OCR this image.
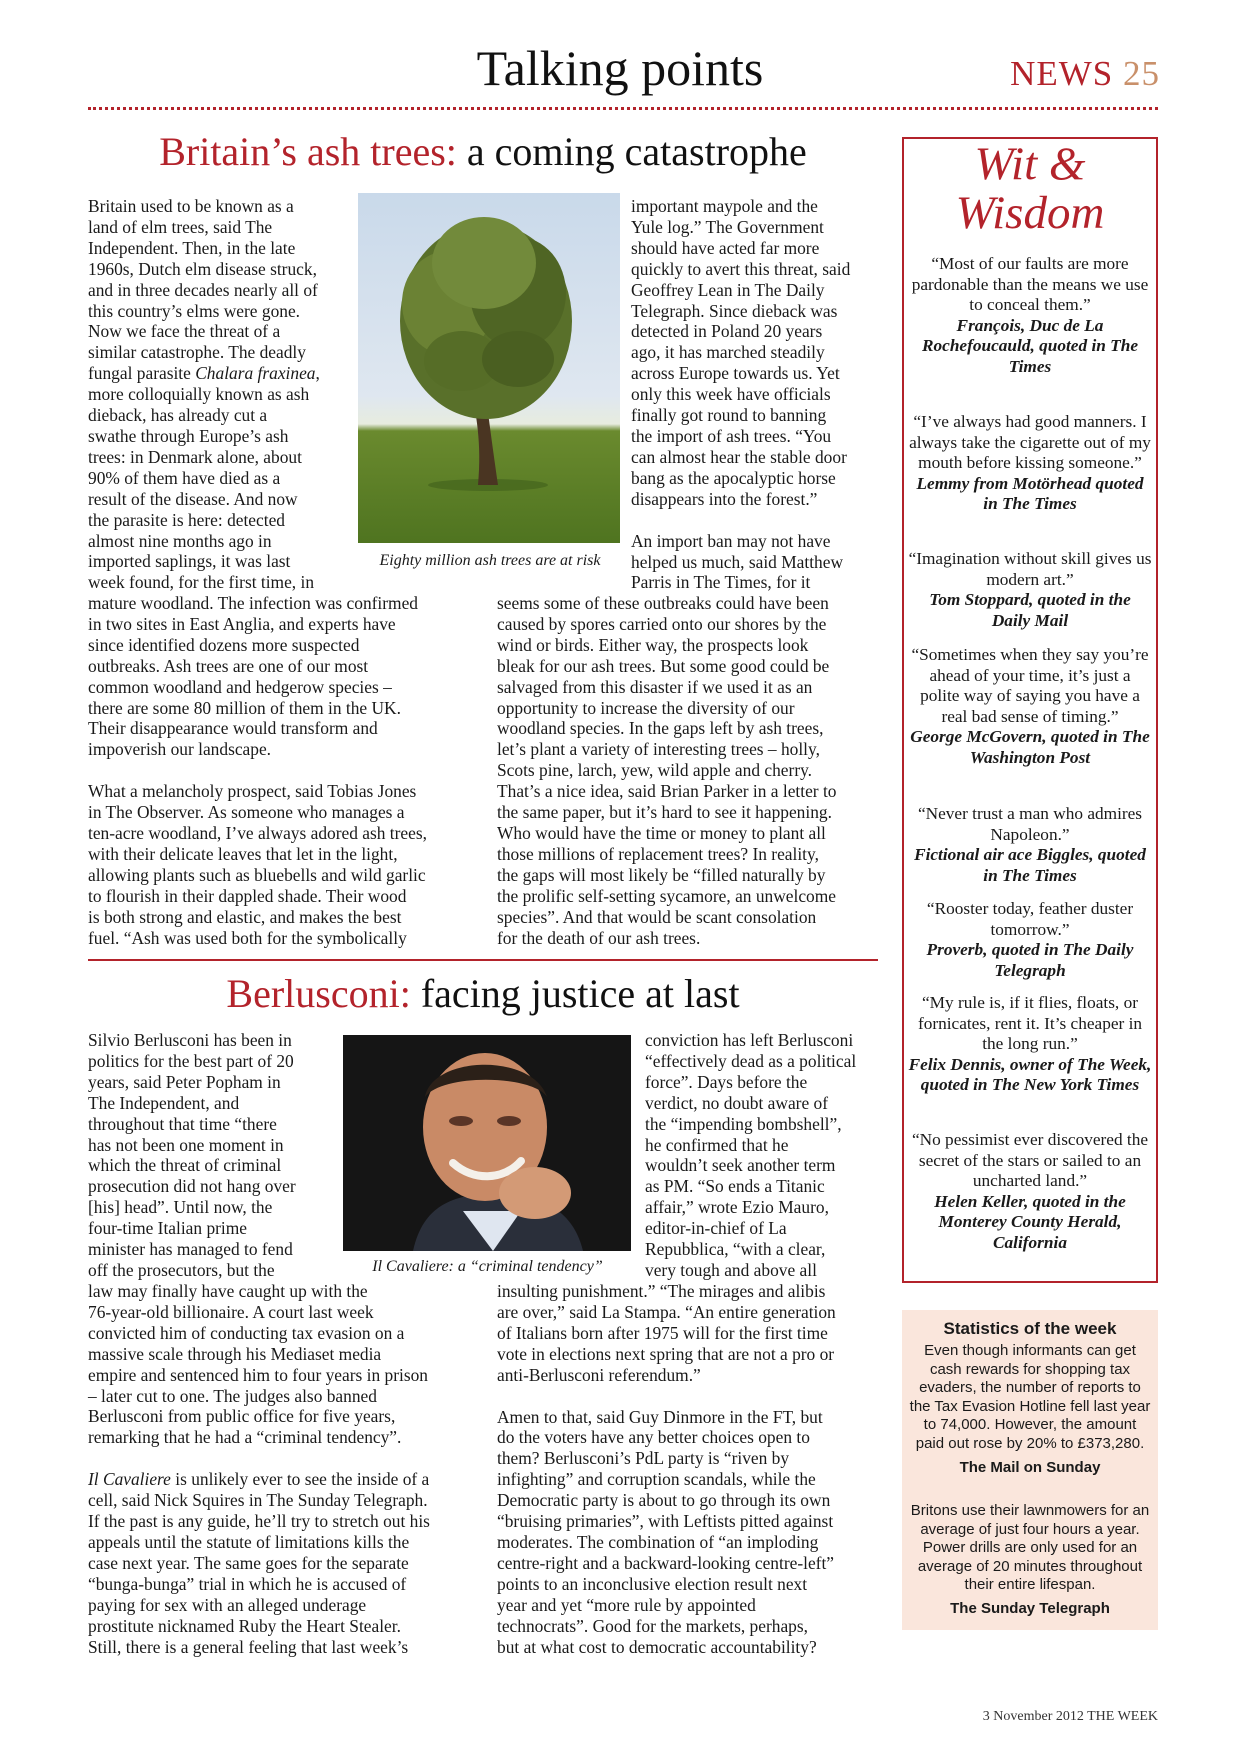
Talking points	NEWS 25
Britain’s ash trees: a coming catastrophe
Britain used to be known as a
land of elm trees, said The
Independent. Then, in the late
1960s, Dutch elm disease struck,
and in three decades nearly all of
this country’s elms were gone.
Now we face the threat of a
similar catastrophe. The deadly
fungal parasite Chalara fraxinea,
more colloquially known as ash
dieback, has already cut a
swathe through Europe’s ash
trees: in Denmark alone, about
90% of them have died as a
result of the disease. And now
the parasite is here: detected
almost nine months ago in
imported saplings, it was last
week found, for the first time, in
mature woodland. The infection was confirmed
in two sites in East Anglia, and experts have
since identified dozens more suspected
outbreaks. Ash trees are one of our most
common woodland and hedgerow species –
there are some 80 million of them in the UK.
Their disappearance would transform and
impoverish our landscape.
What a melancholy prospect, said Tobias Jones
in The Observer. As someone who manages a
ten-acre woodland, I’ve always adored ash trees,
with their delicate leaves that let in the light,
allowing plants such as bluebells and wild garlic
to flourish in their dappled shade. Their wood
is both strong and elastic, and makes the best
fuel. “Ash was used both for the symbolically
important maypole and the
Yule log.” The Government
should have acted far more
quickly to avert this threat, said
Geoffrey Lean in The Daily
Telegraph. Since dieback was
detected in Poland 20 years
ago, it has marched steadily
across Europe towards us. Yet
only this week have officials
finally got round to banning
the import of ash trees. “You
can almost hear the stable door
bang as the apocalyptic horse
disappears into the forest.”
An import ban may not have
helped us much, said Matthew
Parris in The Times, for it
seems some of these outbreaks could have been
caused by spores carried onto our shores by the
wind or birds. Either way, the prospects look
bleak for our ash trees. But some good could be
salvaged from this disaster if we used it as an
opportunity to increase the diversity of our
woodland species. In the gaps left by ash trees,
let’s plant a variety of interesting trees – holly,
Scots pine, larch, yew, wild apple and cherry.
That’s a nice idea, said Brian Parker in a letter to
the same paper, but it’s hard to see it happening.
Who would have the time or money to plant all
those millions of replacement trees? In reality,
the gaps will most likely be “filled naturally by
the prolific self-setting sycamore, an unwelcome
species”. And that would be scant consolation
for the death of our ash trees.
Eighty million ash trees are at risk
Berlusconi: facing justice at last
Silvio Berlusconi has been in
politics for the best part of 20
years, said Peter Popham in
The Independent, and
throughout that time “there
has not been one moment in
which the threat of criminal
prosecution did not hang over
[his] head”. Until now, the
four-time Italian prime
minister has managed to fend
off the prosecutors, but the
law may finally have caught up with the
76-year-old billionaire. A court last week
convicted him of conducting tax evasion on a
massive scale through his Mediaset media
empire and sentenced him to four years in prison
– later cut to one. The judges also banned
Berlusconi from public office for five years,
remarking that he had a “criminal tendency”.
Il Cavaliere is unlikely ever to see the inside of a
cell, said Nick Squires in The Sunday Telegraph.
If the past is any guide, he’ll try to stretch out his
appeals until the statute of limitations kills the
case next year. The same goes for the separate
“bunga-bunga” trial in which he is accused of
paying for sex with an alleged underage
prostitute nicknamed Ruby the Heart Stealer.
Still, there is a general feeling that last week’s
conviction has left Berlusconi
“effectively dead as a political
force”. Days before the
verdict, no doubt aware of
the “impending bombshell”,
he confirmed that he
wouldn’t seek another term
as PM. “So ends a Titanic
affair,” wrote Ezio Mauro,
editor-in-chief of La
Repubblica, “with a clear,
very tough and above all
insulting punishment.” “The mirages and alibis
are over,” said La Stampa. “An entire generation
of Italians born after 1975 will for the first time
vote in elections next spring that are not a pro or
anti-Berlusconi referendum.”
Amen to that, said Guy Dinmore in the FT, but
do the voters have any better choices open to
them? Berlusconi’s PdL party is “riven by
infighting” and corruption scandals, while the
Democratic party is about to go through its own
“bruising primaries”, with Leftists pitted against
moderates. The combination of “an imploding
centre-right and a backward-looking centre-left”
points to an inconclusive election result next
year and yet “more rule by appointed
technocrats”. Good for the markets, perhaps,
but at what cost to democratic accountability?
Il Cavaliere: a “criminal tendency”
Wit &
Wisdom
“Most of our faults are more pardonable than the means we use to conceal them.”
François, Duc de La Rochefoucauld, quoted in The Times
“I’ve always had good manners. I always take the cigarette out of my mouth before kissing someone.”
Lemmy from Motörhead quoted in The Times
“Imagination without skill gives us modern art.”
Tom Stoppard, quoted in the Daily Mail
“Sometimes when they say you’re ahead of your time, it’s just a polite way of saying you have a real bad sense of timing.”
George McGovern, quoted in The Washington Post
“Never trust a man who admires Napoleon.”
Fictional air ace Biggles, quoted in The Times
“Rooster today, feather duster tomorrow.”
Proverb, quoted in The Daily Telegraph
“My rule is, if it flies, floats, or fornicates, rent it. It’s cheaper in the long run.”
Felix Dennis, owner of The Week, quoted in The New York Times
“No pessimist ever discovered the secret of the stars or sailed to an uncharted land.”
Helen Keller, quoted in the Monterey County Herald, California
Statistics of the week
Even though informants can get cash rewards for shopping tax evaders, the number of reports to the Tax Evasion Hotline fell last year to 74,000. However, the amount paid out rose by 20% to £373,280.
The Mail on Sunday
Britons use their lawnmowers for an average of just four hours a year. Power drills are only used for an average of 20 minutes throughout their entire lifespan.
The Sunday Telegraph
3 November 2012 THE WEEK
